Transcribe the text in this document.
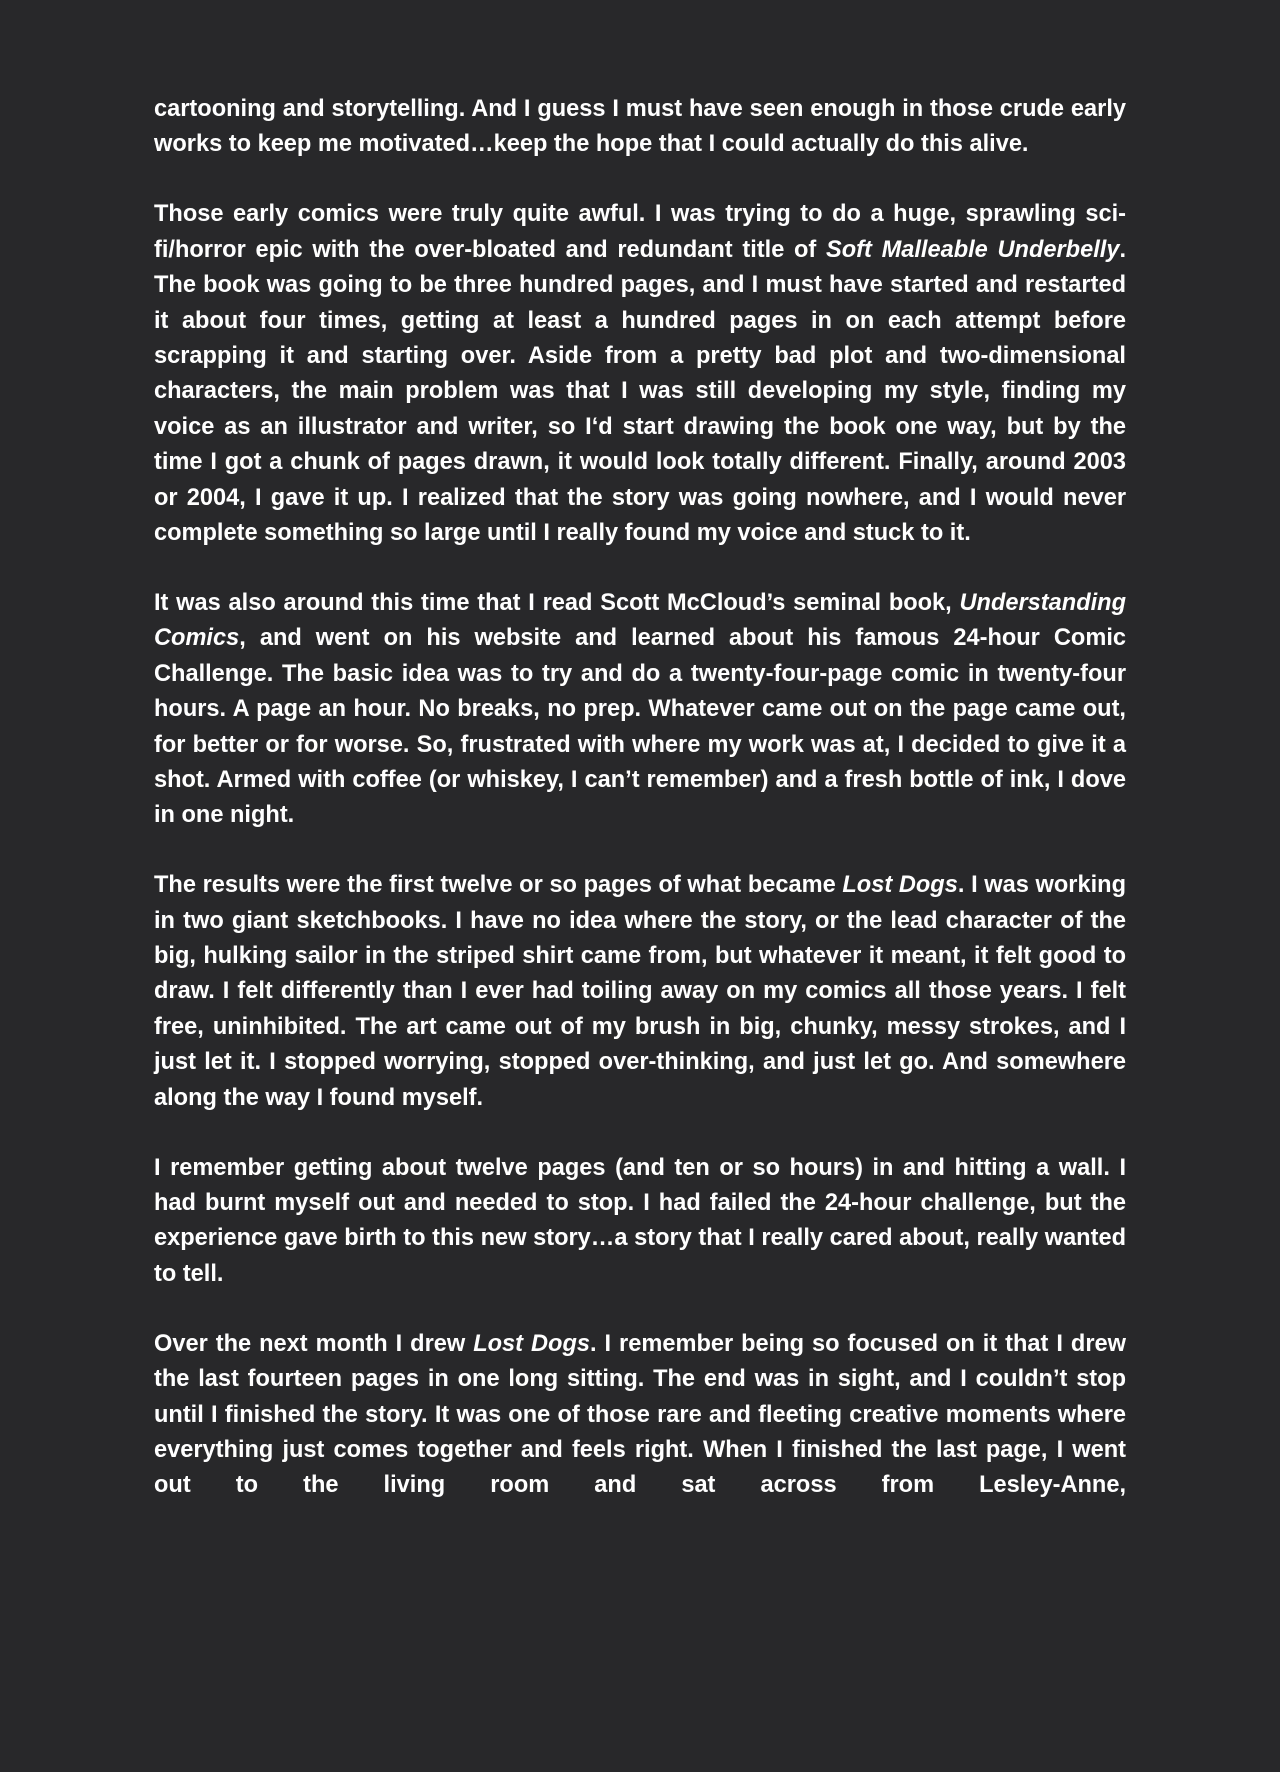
cartooning and storytelling. And I guess I must have seen enough in those crude early works to keep me motivated…keep the hope that I could actually do this alive.

Those early comics were truly quite awful. I was trying to do a huge, sprawling sci-fi/horror epic with the over-bloated and redundant title of Soft Malleable Underbelly. The book was going to be three hundred pages, and I must have started and restarted it about four times, getting at least a hundred pages in on each attempt before scrapping it and starting over. Aside from a pretty bad plot and two-dimensional characters, the main problem was that I was still developing my style, finding my voice as an illustrator and writer, so I‘d start drawing the book one way, but by the time I got a chunk of pages drawn, it would look totally different. Finally, around 2003 or 2004, I gave it up. I realized that the story was going nowhere, and I would never complete something so large until I really found my voice and stuck to it.

It was also around this time that I read Scott McCloud’s seminal book, Understanding Comics, and went on his website and learned about his famous 24-hour Comic Challenge. The basic idea was to try and do a twenty-four-page comic in twenty-four hours. A page an hour. No breaks, no prep. Whatever came out on the page came out, for better or for worse. So, frustrated with where my work was at, I decided to give it a shot. Armed with coffee (or whiskey, I can’t remember) and a fresh bottle of ink, I dove in one night.

The results were the first twelve or so pages of what became Lost Dogs. I was working in two giant sketchbooks. I have no idea where the story, or the lead character of the big, hulking sailor in the striped shirt came from, but whatever it meant, it felt good to draw. I felt differently than I ever had toiling away on my comics all those years. I felt free, uninhibited. The art came out of my brush in big, chunky, messy strokes, and I just let it. I stopped worrying, stopped over-thinking, and just let go. And somewhere along the way I found myself.

I remember getting about twelve pages (and ten or so hours) in and hitting a wall. I had burnt myself out and needed to stop. I had failed the 24-hour challenge, but the experience gave birth to this new story…a story that I really cared about, really wanted to tell.

Over the next month I drew Lost Dogs. I remember being so focused on it that I drew the last fourteen pages in one long sitting. The end was in sight, and I couldn’t stop until I finished the story. It was one of those rare and fleeting creative moments where everything just comes together and feels right. When I finished the last page, I went out to the living room and sat across from Lesley-Anne,
